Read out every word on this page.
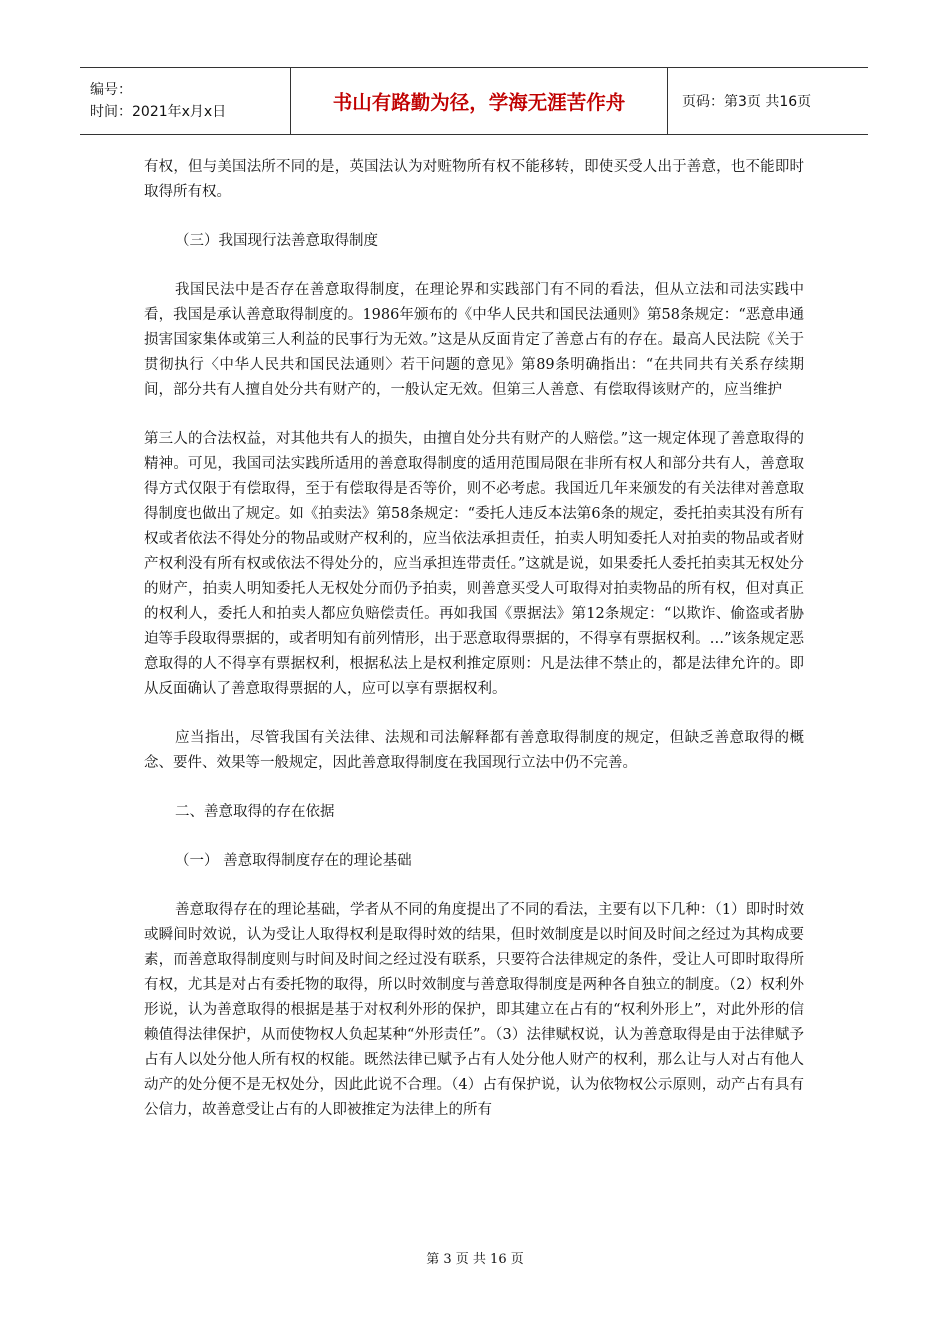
编号：
时间：2021年x月x日	书山有路勤为径，学海无涯苦作舟	页码：第3页 共16页

有权，但与美国法所不同的是，英国法认为对赃物所有权不能移转，即使买受人出于善意，也不能即时取得所有权。

（三）我国现行法善意取得制度

我国民法中是否存在善意取得制度，在理论界和实践部门有不同的看法，但从立法和司法实践中看，我国是承认善意取得制度的。1986年颁布的《中华人民共和国民法通则》第58条规定：“恶意串通损害国家集体或第三人利益的民事行为无效。”这是从反面肯定了善意占有的存在。最高人民法院《关于贯彻执行〈中华人民共和国民法通则〉若干问题的意见》第89条明确指出：“在共同共有关系存续期间，部分共有人擅自处分共有财产的，一般认定无效。但第三人善意、有偿取得该财产的，应当维护

第三人的合法权益，对其他共有人的损失，由擅自处分共有财产的人赔偿。”这一规定体现了善意取得的精神。可见，我国司法实践所适用的善意取得制度的适用范围局限在非所有权人和部分共有人，善意取得方式仅限于有偿取得，至于有偿取得是否等价，则不必考虑。我国近几年来颁发的有关法律对善意取得制度也做出了规定。如《拍卖法》第58条规定：“委托人违反本法第6条的规定，委托拍卖其没有所有权或者依法不得处分的物品或财产权利的，应当依法承担责任，拍卖人明知委托人对拍卖的物品或者财产权利没有所有权或依法不得处分的，应当承担连带责任。”这就是说，如果委托人委托拍卖其无权处分的财产，拍卖人明知委托人无权处分而仍予拍卖，则善意买受人可取得对拍卖物品的所有权，但对真正的权利人，委托人和拍卖人都应负赔偿责任。再如我国《票据法》第12条规定：“以欺诈、偷盗或者胁迫等手段取得票据的，或者明知有前列情形，出于恶意取得票据的，不得享有票据权利。…”该条规定恶意取得的人不得享有票据权利，根据私法上是权利推定原则：凡是法律不禁止的，都是法律允许的。即从反面确认了善意取得票据的人，应可以享有票据权利。

应当指出，尽管我国有关法律、法规和司法解释都有善意取得制度的规定，但缺乏善意取得的概念、要件、效果等一般规定，因此善意取得制度在我国现行立法中仍不完善。

二、善意取得的存在依据

（一） 善意取得制度存在的理论基础

善意取得存在的理论基础，学者从不同的角度提出了不同的看法，主要有以下几种：（1）即时时效或瞬间时效说，认为受让人取得权利是取得时效的结果，但时效制度是以时间及时间之经过为其构成要素，而善意取得制度则与时间及时间之经过没有联系，只要符合法律规定的条件，受让人可即时取得所有权，尤其是对占有委托物的取得，所以时效制度与善意取得制度是两种各自独立的制度。（2）权利外形说，认为善意取得的根据是基于对权利外形的保护，即其建立在占有的“权利外形上”，对此外形的信赖值得法律保护，从而使物权人负起某种“外形责任”。（3）法律赋权说，认为善意取得是由于法律赋予占有人以处分他人所有权的权能。既然法律已赋予占有人处分他人财产的权利，那么让与人对占有他人动产的处分便不是无权处分，因此此说不合理。（4）占有保护说，认为依物权公示原则，动产占有具有公信力，故善意受让占有的人即被推定为法律上的所有

第 3 页 共 16 页
